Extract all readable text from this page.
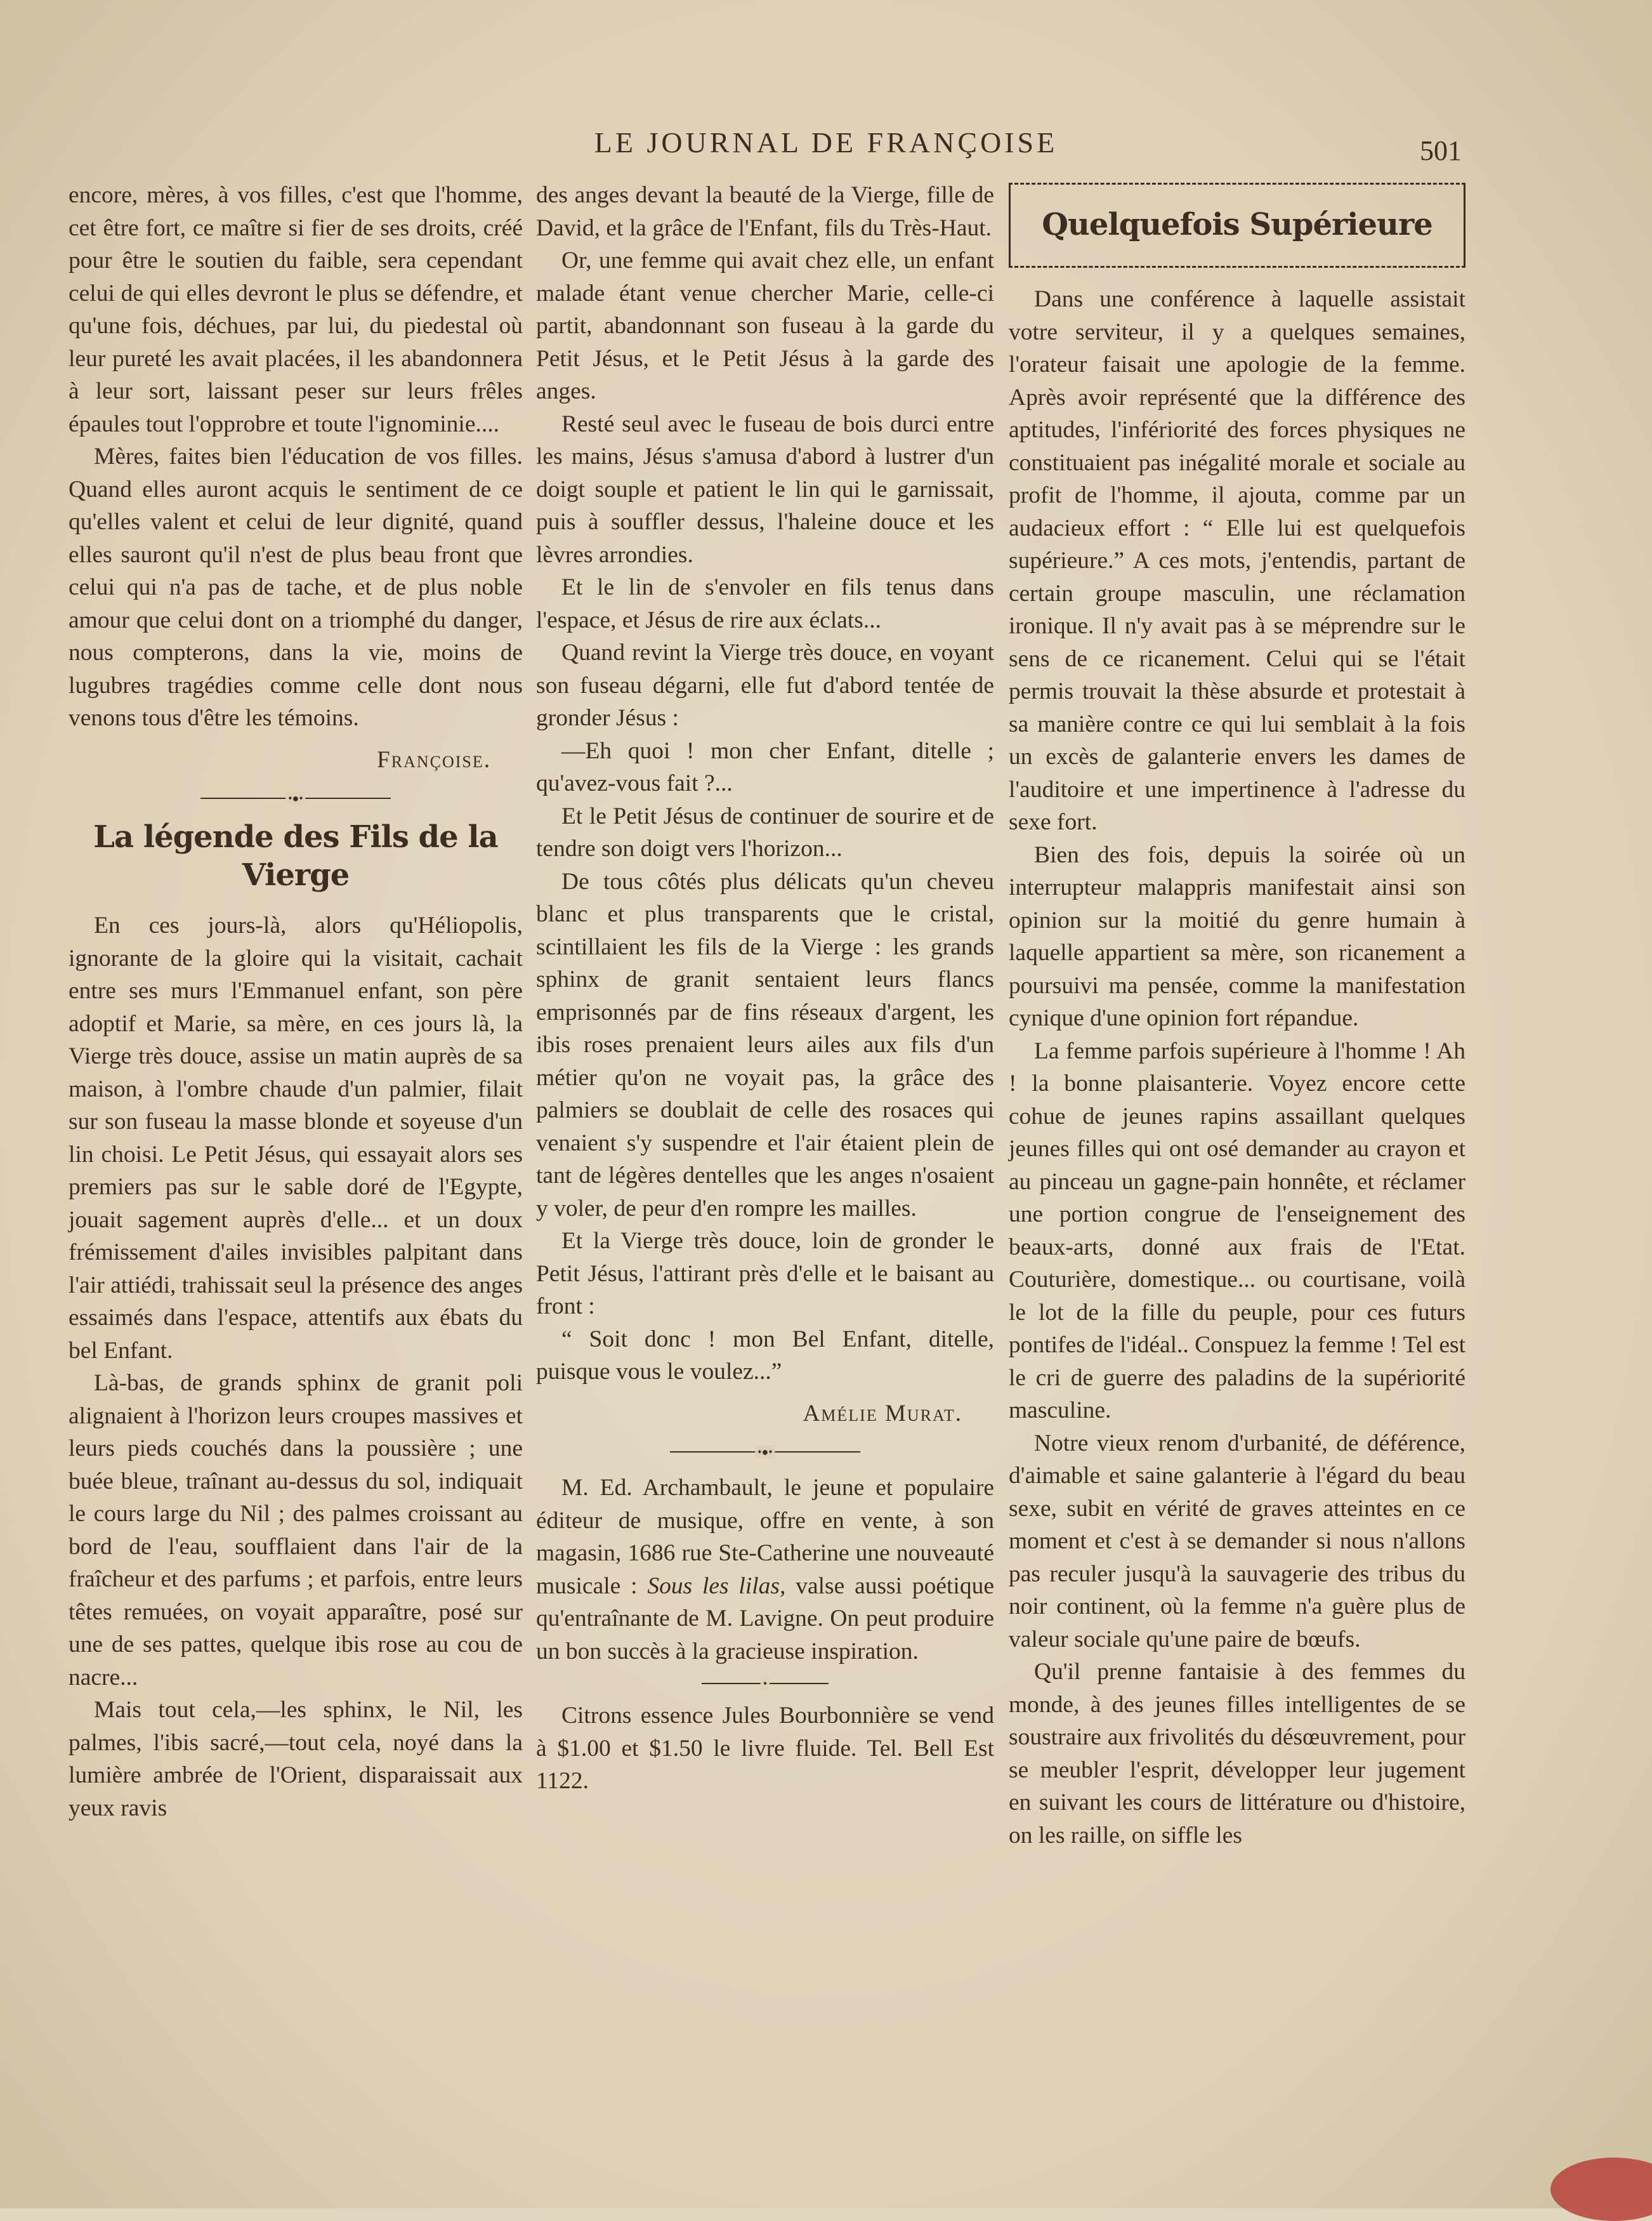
LE JOURNAL DE FRANÇOISE	501

encore, mères, à vos filles, c'est que l'homme, cet être fort, ce maître si fier de ses droits, créé pour être le soutien du faible, sera cependant celui de qui elles devront le plus se défendre, et qu'une fois, déchues, par lui, du piedestal où leur pureté les avait placées, il les abandonnera à leur sort, laissant peser sur leurs frêles épaules tout l'opprobre et toute l'ignominie....

Mères, faites bien l'éducation de vos filles. Quand elles auront acquis le sentiment de ce qu'elles valent et celui de leur dignité, quand elles sauront qu'il n'est de plus beau front que celui qui n'a pas de tache, et de plus noble amour que celui dont on a triomphé du danger, nous compterons, dans la vie, moins de lugubres tragédies comme celle dont nous venons tous d'être les témoins.

Françoise.
•●•
La légende des Fils de la Vierge

En ces jours-là, alors qu'Héliopolis, ignorante de la gloire qui la visitait, cachait entre ses murs l'Emmanuel enfant, son père adoptif et Marie, sa mère, en ces jours là, la Vierge très douce, assise un matin auprès de sa maison, à l'ombre chaude d'un palmier, filait sur son fuseau la masse blonde et soyeuse d'un lin choisi. Le Petit Jésus, qui essayait alors ses premiers pas sur le sable doré de l'Egypte, jouait sagement auprès d'elle... et un doux frémissement d'ailes invisibles palpitant dans l'air attiédi, trahissait seul la présence des anges essaimés dans l'espace, attentifs aux ébats du bel Enfant.

Là-bas, de grands sphinx de granit poli alignaient à l'horizon leurs croupes massives et leurs pieds couchés dans la poussière ; une buée bleue, traînant au-dessus du sol, indiquait le cours large du Nil ; des palmes croissant au bord de l'eau, soufflaient dans l'air de la fraîcheur et des parfums ; et parfois, entre leurs têtes remuées, on voyait apparaître, posé sur une de ses pattes, quelque ibis rose au cou de nacre...

Mais tout cela,—les sphinx, le Nil, les palmes, l'ibis sacré,—tout cela, noyé dans la lumière ambrée de l'Orient, disparaissait aux yeux ravis

des anges devant la beauté de la Vierge, fille de David, et la grâce de l'Enfant, fils du Très-Haut.

Or, une femme qui avait chez elle, un enfant malade étant venue chercher Marie, celle-ci partit, abandonnant son fuseau à la garde du Petit Jésus, et le Petit Jésus à la garde des anges.

Resté seul avec le fuseau de bois durci entre les mains, Jésus s'amusa d'abord à lustrer d'un doigt souple et patient le lin qui le garnissait, puis à souffler dessus, l'haleine douce et les lèvres arrondies.

Et le lin de s'envoler en fils tenus dans l'espace, et Jésus de rire aux éclats...

Quand revint la Vierge très douce, en voyant son fuseau dégarni, elle fut d'abord tentée de gronder Jésus :

—Eh quoi ! mon cher Enfant, ditelle ; qu'avez-vous fait ?...

Et le Petit Jésus de continuer de sourire et de tendre son doigt vers l'horizon...

De tous côtés plus délicats qu'un cheveu blanc et plus transparents que le cristal, scintillaient les fils de la Vierge : les grands sphinx de granit sentaient leurs flancs emprisonnés par de fins réseaux d'argent, les ibis roses prenaient leurs ailes aux fils d'un métier qu'on ne voyait pas, la grâce des palmiers se doublait de celle des rosaces qui venaient s'y suspendre et l'air étaient plein de tant de légères dentelles que les anges n'osaient y voler, de peur d'en rompre les mailles.

Et la Vierge très douce, loin de gronder le Petit Jésus, l'attirant près d'elle et le baisant au front :

“ Soit donc ! mon Bel Enfant, ditelle, puisque vous le voulez...”

Amélie Murat.
•●•

M. Ed. Archambault, le jeune et populaire éditeur de musique, offre en vente, à son magasin, 1686 rue Ste-Catherine une nouveauté musicale : Sous les lilas, valse aussi poétique qu'entraînante de M. Lavigne. On peut produire un bon succès à la gracieuse inspiration.

•

Citrons essence Jules Bourbonnière se vend à $1.00 et $1.50 le livre fluide. Tel. Bell Est 1122.

Quelquefois Supérieure

Dans une conférence à laquelle assistait votre serviteur, il y a quelques semaines, l'orateur faisait une apologie de la femme. Après avoir représenté que la différence des aptitudes, l'infériorité des forces physiques ne constituaient pas inégalité morale et sociale au profit de l'homme, il ajouta, comme par un audacieux effort : “ Elle lui est quelquefois supérieure.” A ces mots, j'entendis, partant de certain groupe masculin, une réclamation ironique. Il n'y avait pas à se méprendre sur le sens de ce ricanement. Celui qui se l'était permis trouvait la thèse absurde et protestait à sa manière contre ce qui lui semblait à la fois un excès de galanterie envers les dames de l'auditoire et une impertinence à l'adresse du sexe fort.

Bien des fois, depuis la soirée où un interrupteur malappris manifestait ainsi son opinion sur la moitié du genre humain à laquelle appartient sa mère, son ricanement a poursuivi ma pensée, comme la manifestation cynique d'une opinion fort répandue.

La femme parfois supérieure à l'homme ! Ah ! la bonne plaisanterie. Voyez encore cette cohue de jeunes rapins assaillant quelques jeunes filles qui ont osé demander au crayon et au pinceau un gagne-pain honnête, et réclamer une portion congrue de l'enseignement des beaux-arts, donné aux frais de l'Etat. Couturière, domestique... ou courtisane, voilà le lot de la fille du peuple, pour ces futurs pontifes de l'idéal.. Conspuez la femme ! Tel est le cri de guerre des paladins de la supériorité masculine.

Notre vieux renom d'urbanité, de déférence, d'aimable et saine galanterie à l'égard du beau sexe, subit en vérité de graves atteintes en ce moment et c'est à se demander si nous n'allons pas reculer jusqu'à la sauvagerie des tribus du noir continent, où la femme n'a guère plus de valeur sociale qu'une paire de bœufs.

Qu'il prenne fantaisie à des femmes du monde, à des jeunes filles intelligentes de se soustraire aux frivolités du désœuvrement, pour se meubler l'esprit, développer leur jugement en suivant les cours de littérature ou d'histoire, on les raille, on siffle les
